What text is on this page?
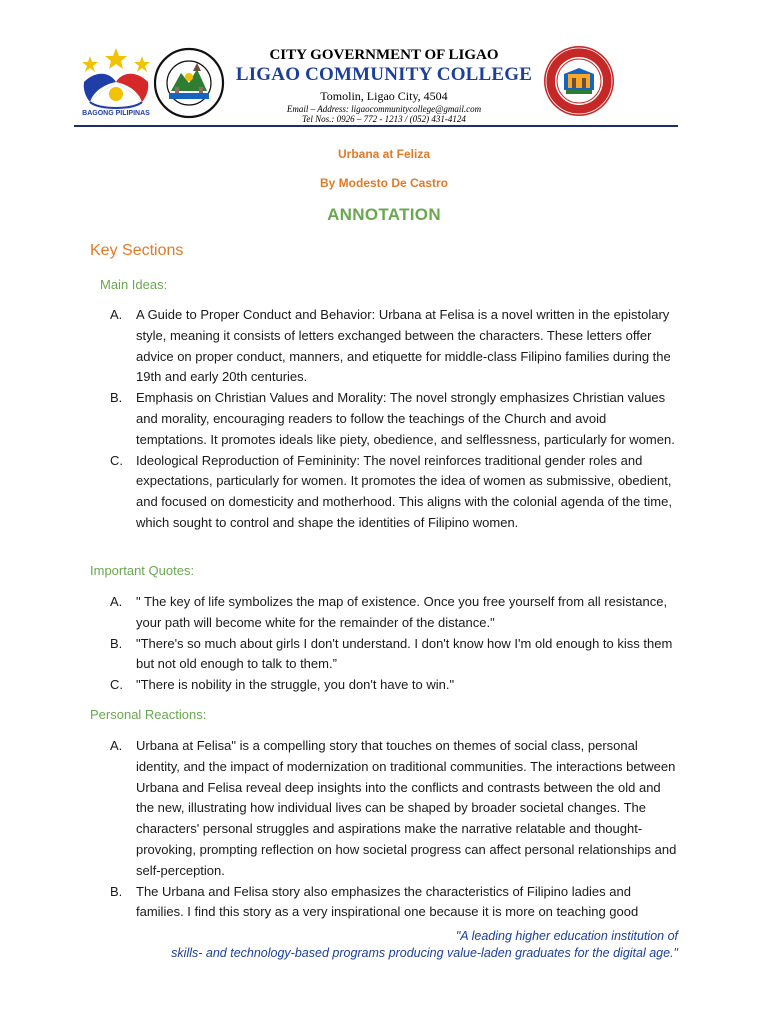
BAGONG PILIPINAS
CITY GOVERNMENT OF LIGAO
LIGAO COMMUNITY COLLEGE
Tomolin, Ligao City, 4504
Email – Address: ligaocommunitycollege@gmail.com
Tel Nos.: 0926 – 772 - 1213 / (052) 431-4124
Urbana at Feliza
By Modesto De Castro
ANNOTATION
Key Sections
Main Ideas:
A. A Guide to Proper Conduct and Behavior: Urbana at Felisa is a novel written in the epistolary style, meaning it consists of letters exchanged between the characters. These letters offer advice on proper conduct, manners, and etiquette for middle-class Filipino families during the 19th and early 20th centuries.
B. Emphasis on Christian Values and Morality: The novel strongly emphasizes Christian values and morality, encouraging readers to follow the teachings of the Church and avoid temptations. It promotes ideals like piety, obedience, and selflessness, particularly for women.
C. Ideological Reproduction of Femininity: The novel reinforces traditional gender roles and expectations, particularly for women. It promotes the idea of women as submissive, obedient, and focused on domesticity and motherhood. This aligns with the colonial agenda of the time, which sought to control and shape the identities of Filipino women.
Important Quotes:
A. " The key of life symbolizes the map of existence. Once you free yourself from all resistance, your path will become white for the remainder of the distance."
B. "There's so much about girls I don't understand. I don't know how I'm old enough to kiss them but not old enough to talk to them.”
C. "There is nobility in the struggle, you don't have to win."
Personal Reactions:
A. Urbana at Felisa" is a compelling story that touches on themes of social class, personal identity, and the impact of modernization on traditional communities. The interactions between Urbana and Felisa reveal deep insights into the conflicts and contrasts between the old and the new, illustrating how individual lives can be shaped by broader societal changes. The characters' personal struggles and aspirations make the narrative relatable and thought-provoking, prompting reflection on how societal progress can affect personal relationships and self-perception.
B. The Urbana and Felisa story also emphasizes the characteristics of Filipino ladies and families. I find this story as a very inspirational one because it is more on teaching good
"A leading higher education institution of
skills- and technology-based programs producing value-laden graduates for the digital age."
